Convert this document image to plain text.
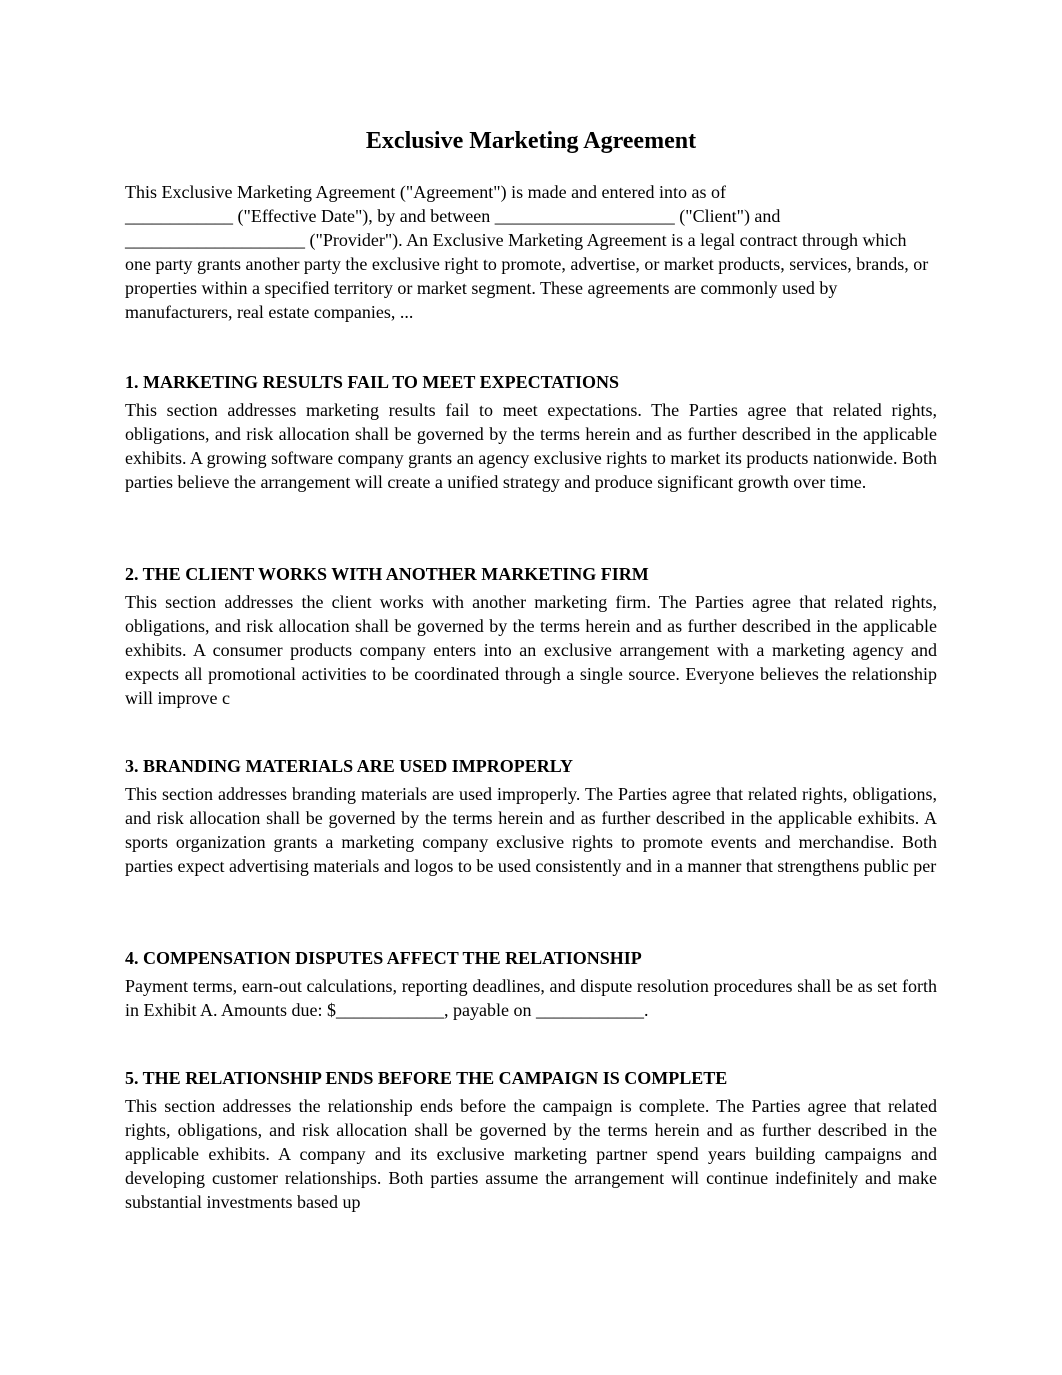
Exclusive Marketing Agreement

This Exclusive Marketing Agreement ("Agreement") is made and entered into as of
____________ ("Effective Date"), by and between ____________________ ("Client") and
____________________ ("Provider"). An Exclusive Marketing Agreement is a legal contract through which one party grants another party the exclusive right to promote, advertise, or market products, services, brands, or properties within a specified territory or market segment. These agreements are commonly used by manufacturers, real estate companies, ...

1. MARKETING RESULTS FAIL TO MEET EXPECTATIONS

This section addresses marketing results fail to meet expectations. The Parties agree that related rights, obligations, and risk allocation shall be governed by the terms herein and as further described in the applicable exhibits. A growing software company grants an agency exclusive rights to market its products nationwide. Both parties believe the arrangement will create a unified strategy and produce significant growth over time.

2. THE CLIENT WORKS WITH ANOTHER MARKETING FIRM

This section addresses the client works with another marketing firm. The Parties agree that related rights, obligations, and risk allocation shall be governed by the terms herein and as further described in the applicable exhibits. A consumer products company enters into an exclusive arrangement with a marketing agency and expects all promotional activities to be coordinated through a single source. Everyone believes the relationship will improve c

3. BRANDING MATERIALS ARE USED IMPROPERLY

This section addresses branding materials are used improperly. The Parties agree that related rights, obligations, and risk allocation shall be governed by the terms herein and as further described in the applicable exhibits. A sports organization grants a marketing company exclusive rights to promote events and merchandise. Both parties expect advertising materials and logos to be used consistently and in a manner that strengthens public per

4. COMPENSATION DISPUTES AFFECT THE RELATIONSHIP

Payment terms, earn-out calculations, reporting deadlines, and dispute resolution procedures shall be as set forth in Exhibit A. Amounts due: $____________, payable on ____________.

5. THE RELATIONSHIP ENDS BEFORE THE CAMPAIGN IS COMPLETE

This section addresses the relationship ends before the campaign is complete. The Parties agree that related rights, obligations, and risk allocation shall be governed by the terms herein and as further described in the applicable exhibits. A company and its exclusive marketing partner spend years building campaigns and developing customer relationships. Both parties assume the arrangement will continue indefinitely and make substantial investments based up
